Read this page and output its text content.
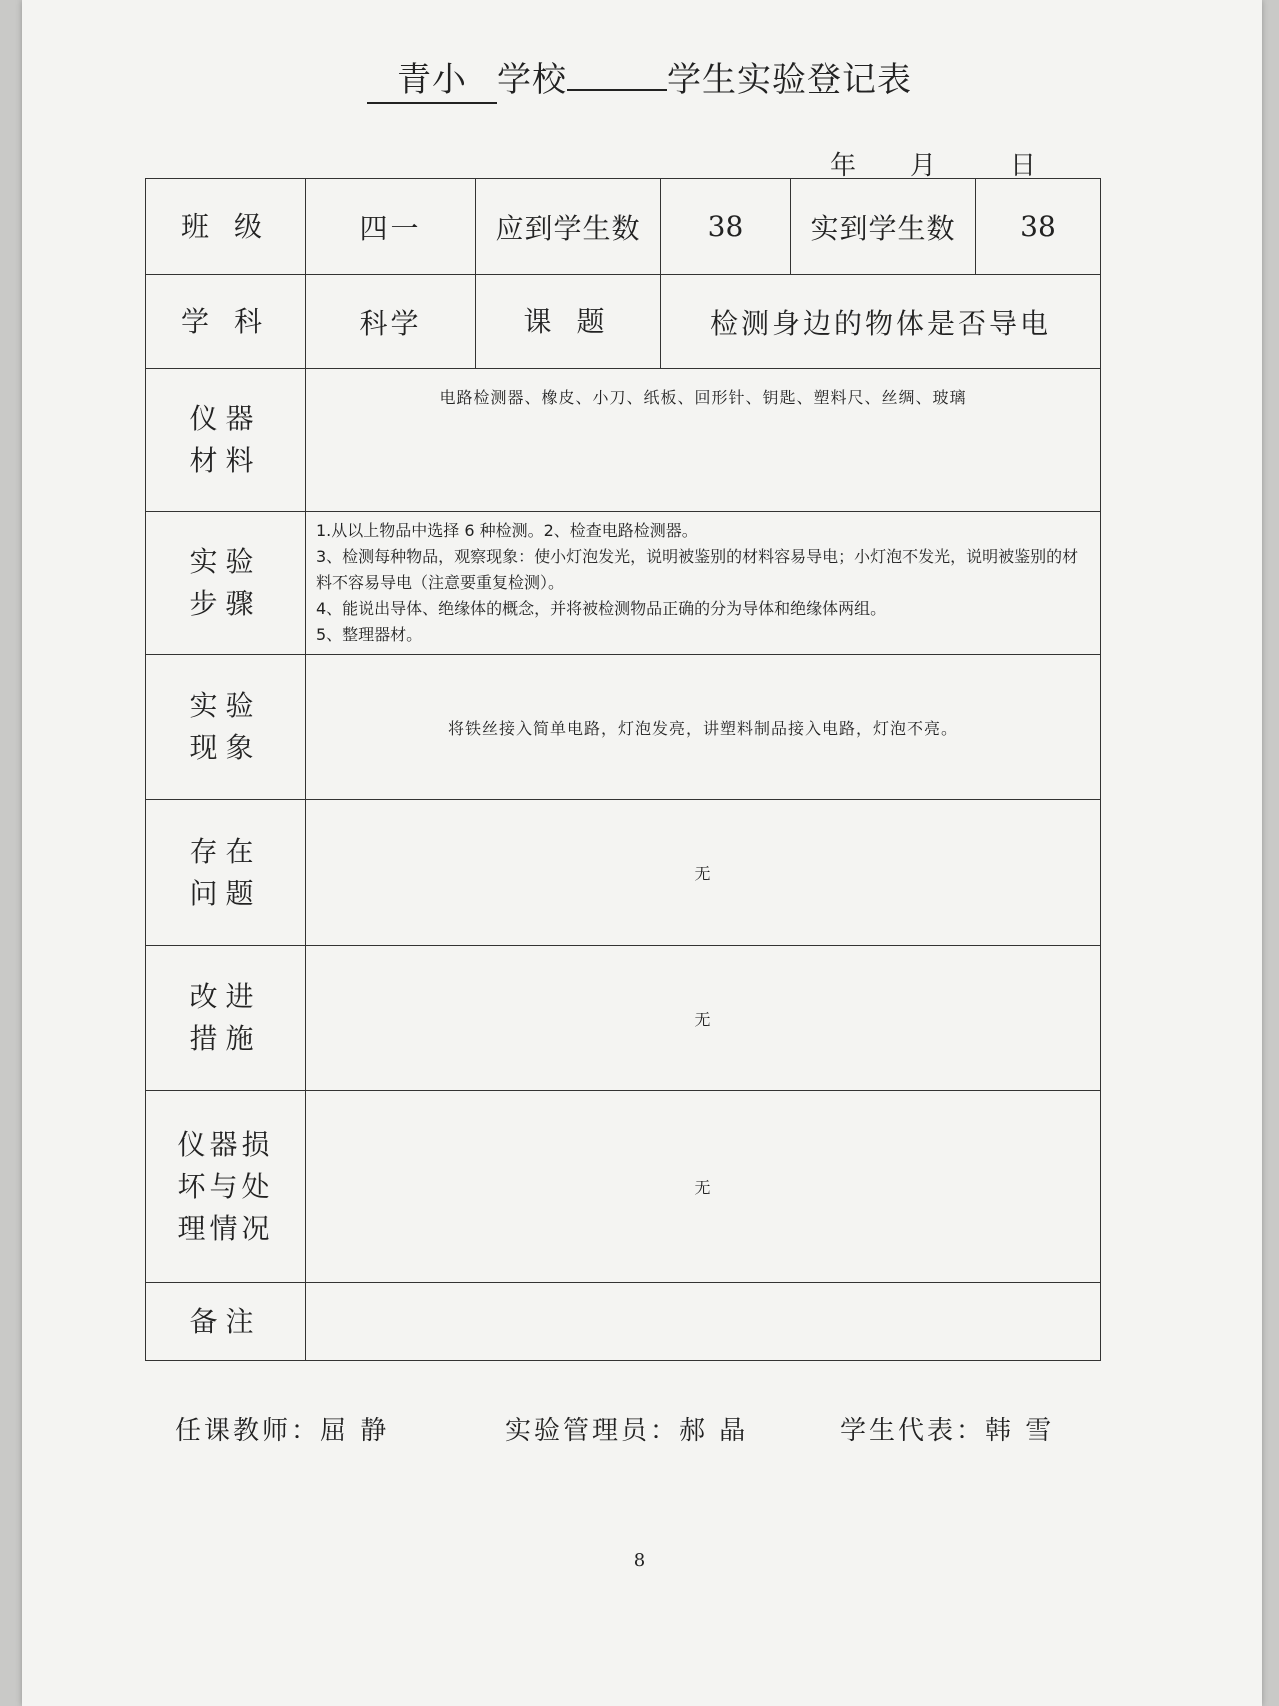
青小 学校	学生实验登记表
年 月	日
班 级	四一	应到学生数	38	实到学生数	38
学 科	科学	课 题	检测身边的物体是否导电		

仪器材料	电路检测器、橡皮、小刀、纸板、回形针、钥匙、塑料尺、丝绸、玻璃				

实验步骤	1.从以上物品中选择 6 种检测。2、检查电路检测器。
3、检测每种物品，观察现象：使小灯泡发光，说明被鉴别的材料容易导电；小灯泡不发光，说明被鉴别的材料不容易导电（注意要重复检测）。
4、能说出导体、绝缘体的概念，并将被检测物品正确的分为导体和绝缘体两组。
5、整理器材。				

实验现象	将铁丝接入简单电路，灯泡发亮，讲塑料制品接入电路，灯泡不亮。				

存在问题	无				

改进措施	无				

仪器损坏与处理情况	无				
备注					
任课教师：屈 静	实验管理员：郝 晶	学生代表：韩 雪
8
